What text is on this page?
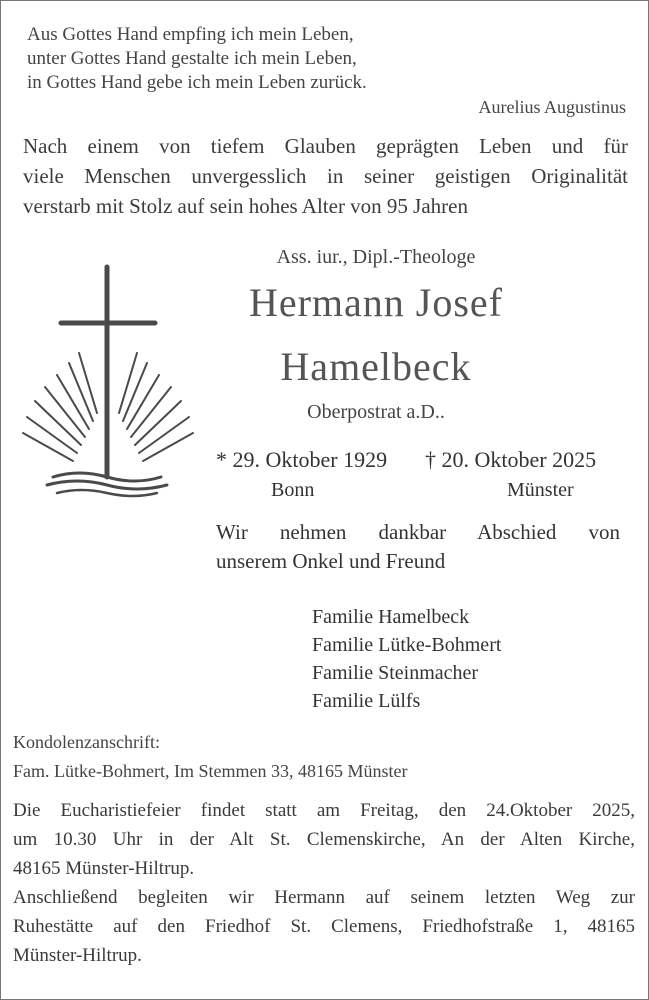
Aus Gottes Hand empfing ich mein Leben,
unter Gottes Hand gestalte ich mein Leben,
in Gottes Hand gebe ich mein Leben zurück.
Aurelius Augustinus
Nach einem von tiefem Glauben geprägten Leben und für
viele Menschen unvergesslich in seiner geistigen Originalität
verstarb mit Stolz auf sein hohes Alter von 95 Jahren
Ass. iur., Dipl.-Theologe
Hermann Josef
Hamelbeck
Oberpostrat a.D..
* 29. Oktober 1929 † 20. Oktober 2025
Bonn	Münster
Wir nehmen dankbar Abschied von
unserem Onkel und Freund
Familie Hamelbeck
Familie Lütke-Bohmert
Familie Steinmacher
Familie Lülfs
Kondolenzanschrift:
Fam. Lütke-Bohmert, Im Stemmen 33, 48165 Münster
Die Eucharistiefeier findet statt am Freitag, den 24.Oktober 2025,
um 10.30 Uhr in der Alt St. Clemenskirche, An der Alten Kirche,
48165 Münster-Hiltrup.
Anschließend begleiten wir Hermann auf seinem letzten Weg zur
Ruhestätte auf den Friedhof St. Clemens, Friedhofstraße 1, 48165
Münster-Hiltrup.
